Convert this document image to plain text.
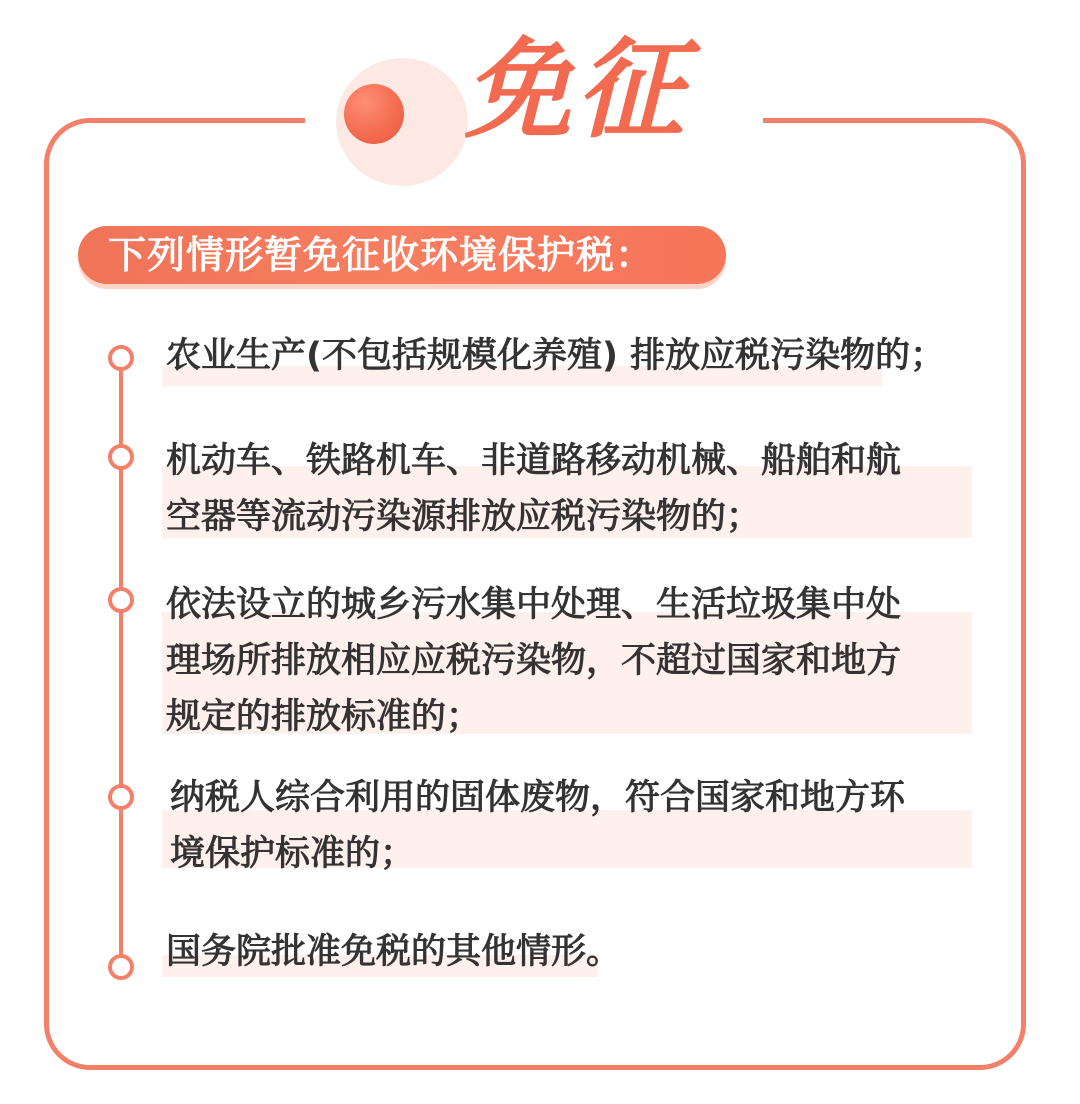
免征
下列情形暂免征收环境保护税：
农业生产(不包括规模化养殖) 排放应税污染物的；
机动车、铁路机车、非道路移动机械、船舶和航
空器等流动污染源排放应税污染物的；
依法设立的城乡污水集中处理、生活垃圾集中处
理场所排放相应应税污染物，不超过国家和地方
规定的排放标准的；
纳税人综合利用的固体废物，符合国家和地方环
境保护标准的；
国务院批准免税的其他情形。
